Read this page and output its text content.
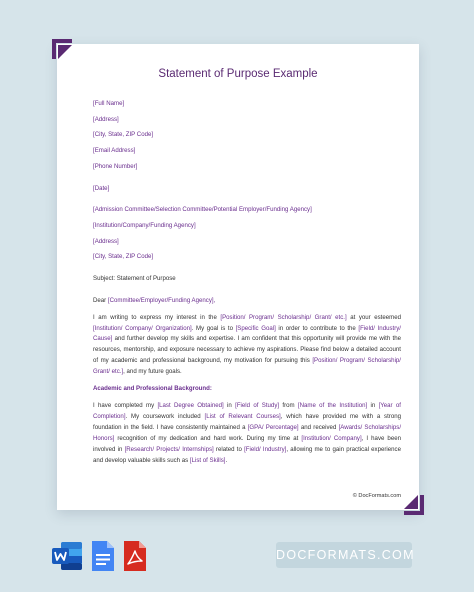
Statement of Purpose Example
[Full Name]
[Address]
[City, State, ZIP Code]
[Email Address]
[Phone Number]
[Date]
[Admission Committee/Selection Committee/Potential Employer/Funding Agency]
[Institution/Company/Funding Agency]
[Address]
[City, State, ZIP Code]
Subject: Statement of Purpose
Dear [Committee/Employer/Funding Agency],
I am writing to express my interest in the [Position/ Program/ Scholarship/ Grant/ etc.] at your esteemed [Institution/ Company/ Organization]. My goal is to [Specific Goal] in order to contribute to the [Field/ Industry/ Cause] and further develop my skills and expertise. I am confident that this opportunity will provide me with the resources, mentorship, and exposure necessary to achieve my aspirations. Please find below a detailed account of my academic and professional background, my motivation for pursuing this [Position/ Program/ Scholarship/ Grant/ etc.], and my future goals.
Academic and Professional Background:
I have completed my [Last Degree Obtained] in [Field of Study] from [Name of the Institution] in [Year of Completion]. My coursework included [List of Relevant Courses], which have provided me with a strong foundation in the field. I have consistently maintained a [GPA/ Percentage] and received [Awards/ Scholarships/ Honors] recognition of my dedication and hard work. During my time at [Institution/ Company], I have been involved in [Research/ Projects/ Internships] related to [Field/ Industry], allowing me to gain practical experience and develop valuable skills such as [List of Skills].
© DocFormats.com
DOCFORMATS.COM
